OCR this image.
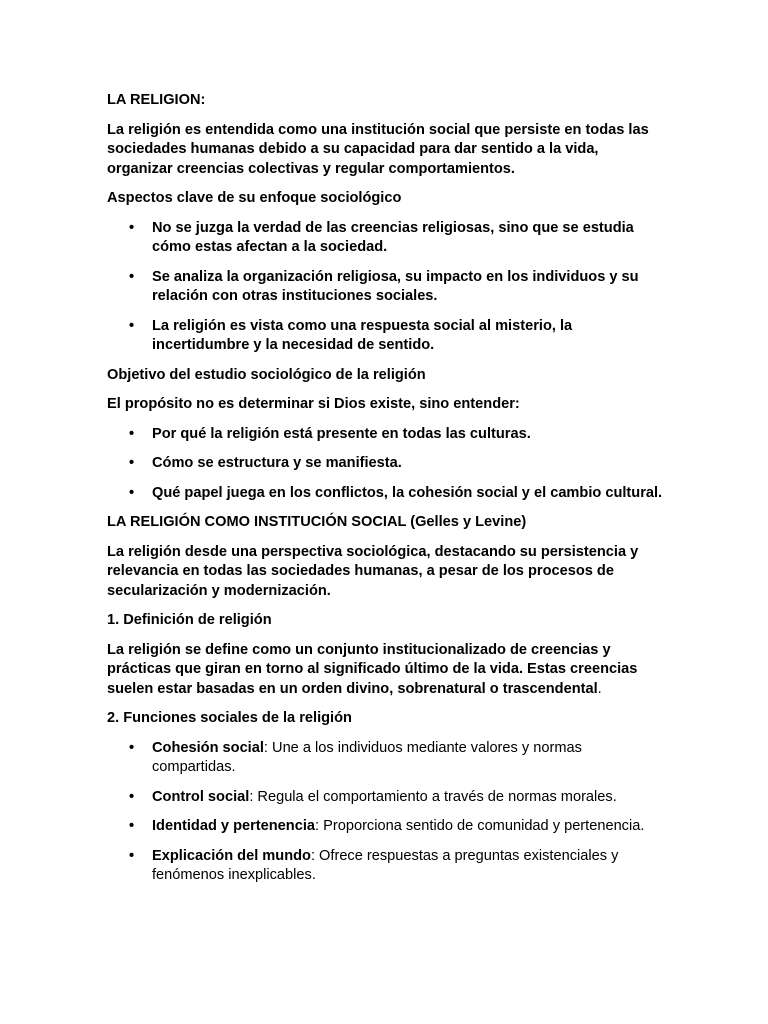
LA RELIGION:

La religión es entendida como una institución social que persiste en todas las sociedades humanas debido a su capacidad para dar sentido a la vida, organizar creencias colectivas y regular comportamientos.

Aspectos clave de su enfoque sociológico

• No se juzga la verdad de las creencias religiosas, sino que se estudia cómo estas afectan a la sociedad.
• Se analiza la organización religiosa, su impacto en los individuos y su relación con otras instituciones sociales.
• La religión es vista como una respuesta social al misterio, la incertidumbre y la necesidad de sentido.

Objetivo del estudio sociológico de la religión

El propósito no es determinar si Dios existe, sino entender:

• Por qué la religión está presente en todas las culturas.
• Cómo se estructura y se manifiesta.
• Qué papel juega en los conflictos, la cohesión social y el cambio cultural.

LA RELIGIÓN COMO INSTITUCIÓN SOCIAL (Gelles y Levine)

La religión desde una perspectiva sociológica, destacando su persistencia y relevancia en todas las sociedades humanas, a pesar de los procesos de secularización y modernización.

1. Definición de religión

La religión se define como un conjunto institucionalizado de creencias y prácticas que giran en torno al significado último de la vida. Estas creencias suelen estar basadas en un orden divino, sobrenatural o trascendental.

2. Funciones sociales de la religión

• Cohesión social: Une a los individuos mediante valores y normas compartidas.
• Control social: Regula el comportamiento a través de normas morales.
• Identidad y pertenencia: Proporciona sentido de comunidad y pertenencia.
• Explicación del mundo: Ofrece respuestas a preguntas existenciales y fenómenos inexplicables.
